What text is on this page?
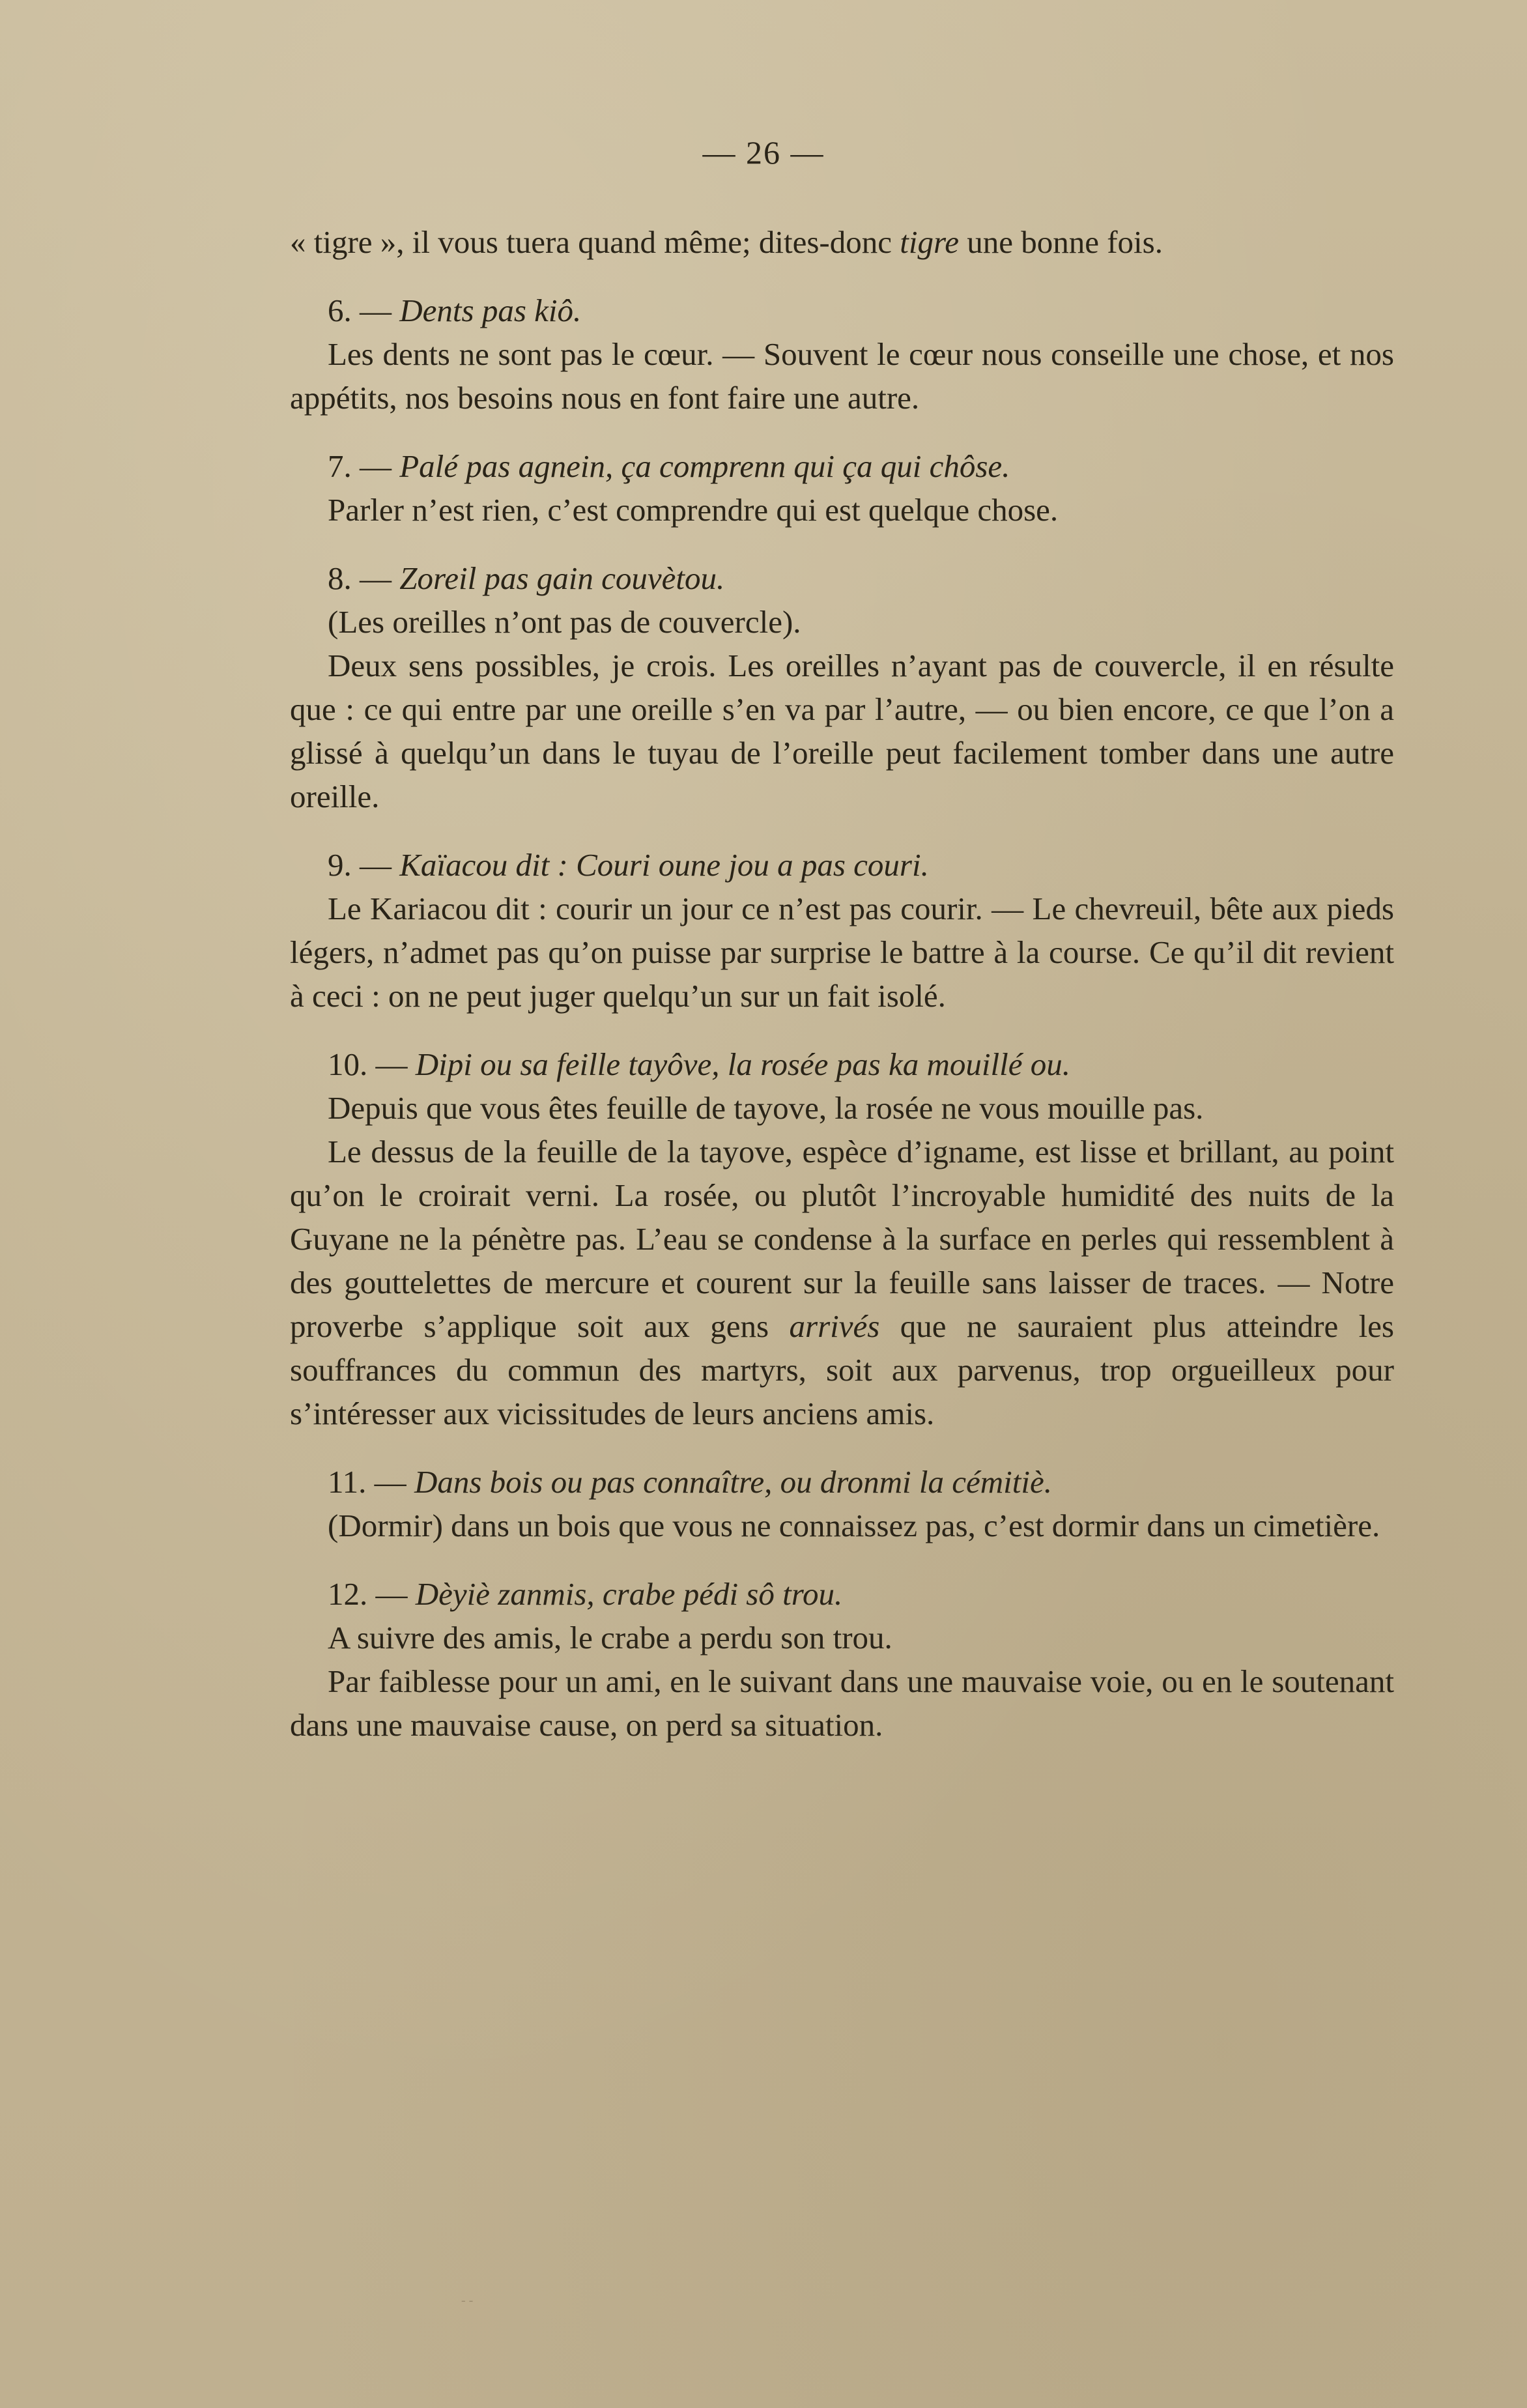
— 26 —

« tigre », il vous tuera quand même; dites-donc tigre une bonne fois.

6. — Dents pas kiô.

Les dents ne sont pas le cœur. — Souvent le cœur nous conseille une chose, et nos appétits, nos besoins nous en font faire une autre.

7. — Palé pas agnein, ça comprenn qui ça qui chôse.

Parler n’est rien, c’est comprendre qui est quelque chose.

8. — Zoreil pas gain couvètou.

(Les oreilles n’ont pas de couvercle).

Deux sens possibles, je crois. Les oreilles n’ayant pas de couvercle, il en résulte que : ce qui entre par une oreille s’en va par l’autre, — ou bien encore, ce que l’on a glissé à quelqu’un dans le tuyau de l’oreille peut facilement tomber dans une autre oreille.

9. — Kaïacou dit : Couri oune jou a pas couri.

Le Kariacou dit : courir un jour ce n’est pas courir. — Le chevreuil, bête aux pieds légers, n’admet pas qu’on puisse par surprise le battre à la course. Ce qu’il dit revient à ceci : on ne peut juger quelqu’un sur un fait isolé.

10. — Dipi ou sa feille tayôve, la rosée pas ka mouillé ou.

Depuis que vous êtes feuille de tayove, la rosée ne vous mouille pas.

Le dessus de la feuille de la tayove, espèce d’igname, est lisse et brillant, au point qu’on le croirait verni. La rosée, ou plutôt l’incroyable humidité des nuits de la Guyane ne la pénètre pas. L’eau se condense à la surface en perles qui ressemblent à des gouttelettes de mercure et courent sur la feuille sans laisser de traces. — Notre proverbe s’applique soit aux gens arrivés que ne sauraient plus atteindre les souffrances du commun des martyrs, soit aux parvenus, trop orgueilleux pour s’intéresser aux vicissitudes de leurs anciens amis.

11. — Dans bois ou pas connaître, ou dronmi la cémitiè.

(Dormir) dans un bois que vous ne connaissez pas, c’est dormir dans un cimetière.

12. — Dèyiè zanmis, crabe pédi sô trou.

A suivre des amis, le crabe a perdu son trou.

Par faiblesse pour un ami, en le suivant dans une mauvaise voie, ou en le soutenant dans une mauvaise cause, on perd sa situation.

- -
